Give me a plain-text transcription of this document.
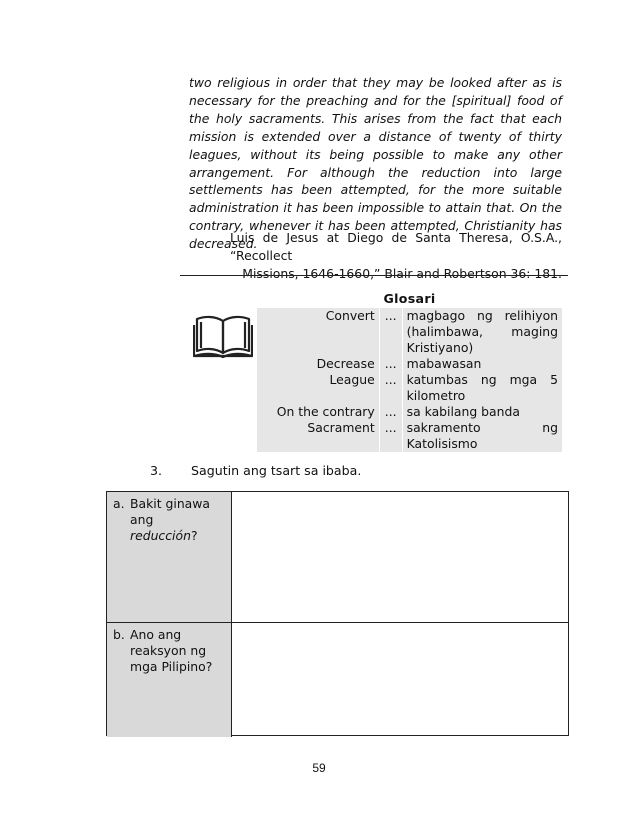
two religious in order that they may be looked after as is necessary for the preaching and for the [spiritual] food of the holy sacraments. This arises from the fact that each mission is extended over a distance of twenty of thirty leagues, without its being possible to make any other arrangement. For although the reduction into large settlements has been attempted, for the more suitable administration it has been impossible to attain that. On the contrary, whenever it has been attempted, Christianity has decreased.
Luis de Jesus at Diego de Santa Theresa, O.S.A., “Recollect
Missions, 1646-1660,” Blair and Robertson 36: 181.
Glosari
Convert	...	magbago ng relihiyon (halimbawa, maging Kristiyano)
Decrease	...	mabawasan
League	...	katumbas ng mga 5 kilometro
On the contrary	...	sa kabilang banda
Sacrament	...	sakramento ng Katolisismo
3. Sagutin ang tsart sa ibaba.
a. Bakit ginawa ang reducción?
b. Ano ang reaksyon ng mga Pilipino?
59
